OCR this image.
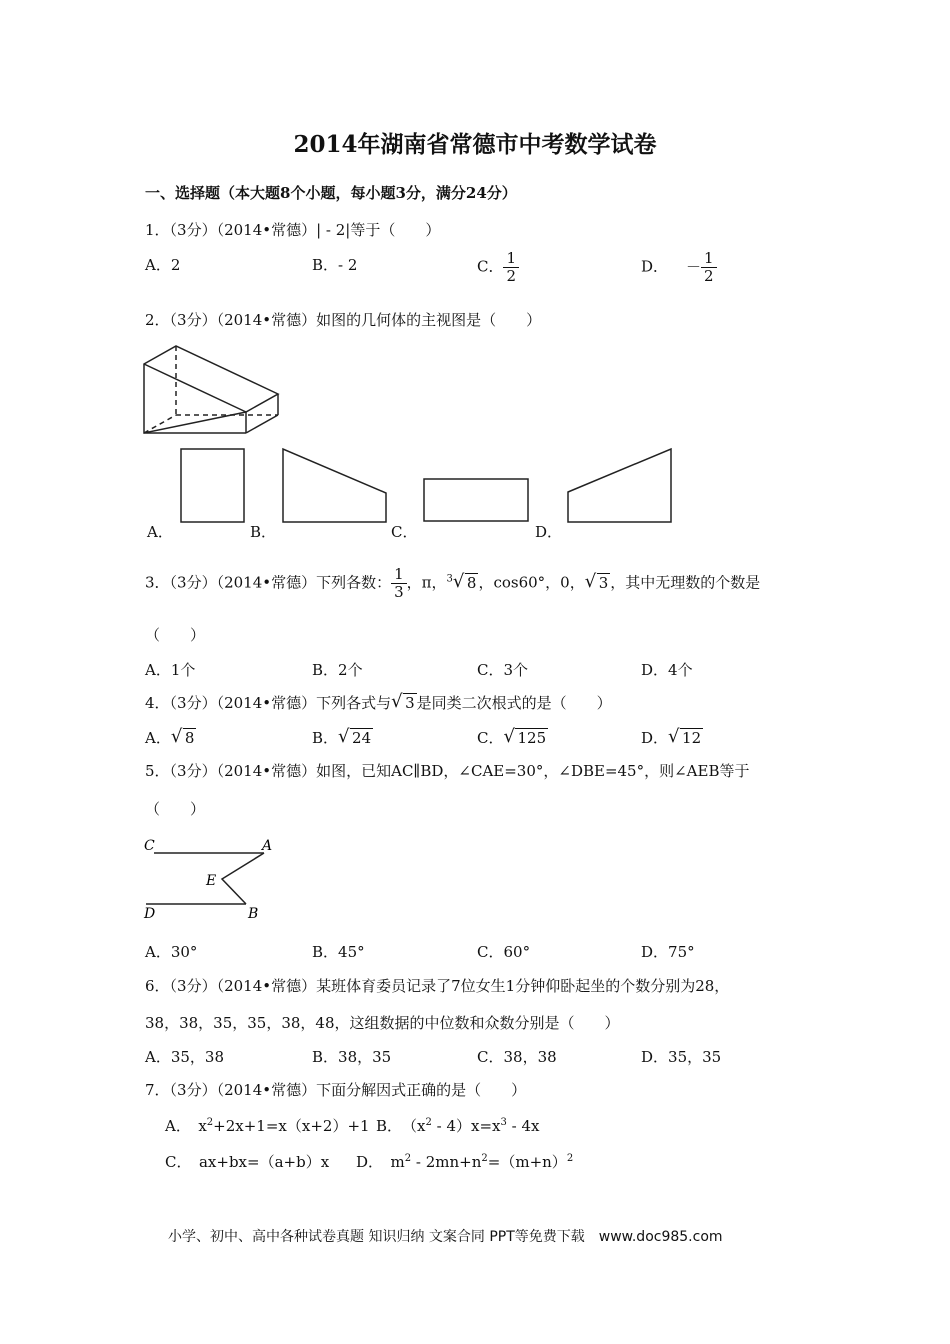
2014年湖南省常德市中考数学试卷
一、选择题（本大题8个小题，每小题3分，满分24分）
1．（3分）（2014•常德）| - 2|等于（　　）
A．2	B．- 2	C． $\frac{1}{2}$	D． － $\frac{1}{2}$
2．（3分）（2014•常德）如图的几何体的主视图是（　　）
A．	B．	C．	D．
3．（3分）（2014•常德）下列各数： $\frac{1}{3}$ ，π，$^3$ √ 8 ，cos60°，0， √ 3 ，其中无理数的个数是
（　　）
A．1个	B．2个	C．3个	D．4个
4．（3分）（2014•常德）下列各式与 √ 3 是同类二次根式的是（　　）
A． √ 8	B． √ 24	C． √ 125	D． √ 12
5．（3分）（2014•常德）如图，已知AC∥BD，∠CAE=30°，∠DBE=45°，则∠AEB等于
（　　）
C	A
E
D	B
A．30°	B．45°	C．60°	D．75°
6．（3分）（2014•常德）某班体育委员记录了7位女生1分钟仰卧起坐的个数分别为28，
38，38，35，35，38，48，这组数据的中位数和众数分别是（　　）
A．35，38	B．38，35	C．38，38	D．35，35
7．（3分）（2014•常德）下面分解因式正确的是（　　）
A．　$x^2+2x+1=x(x+2)+1$ B．　$(x^2 - 4)x=x^3 - 4x$
C．　ax+bx=（a+b）x D．　$m^2 - 2mn+n^2=(m+n)^2$
小学、初中、高中各种试卷真题 知识归纳 文案合同 PPT等免费下载　www.doc985.com
